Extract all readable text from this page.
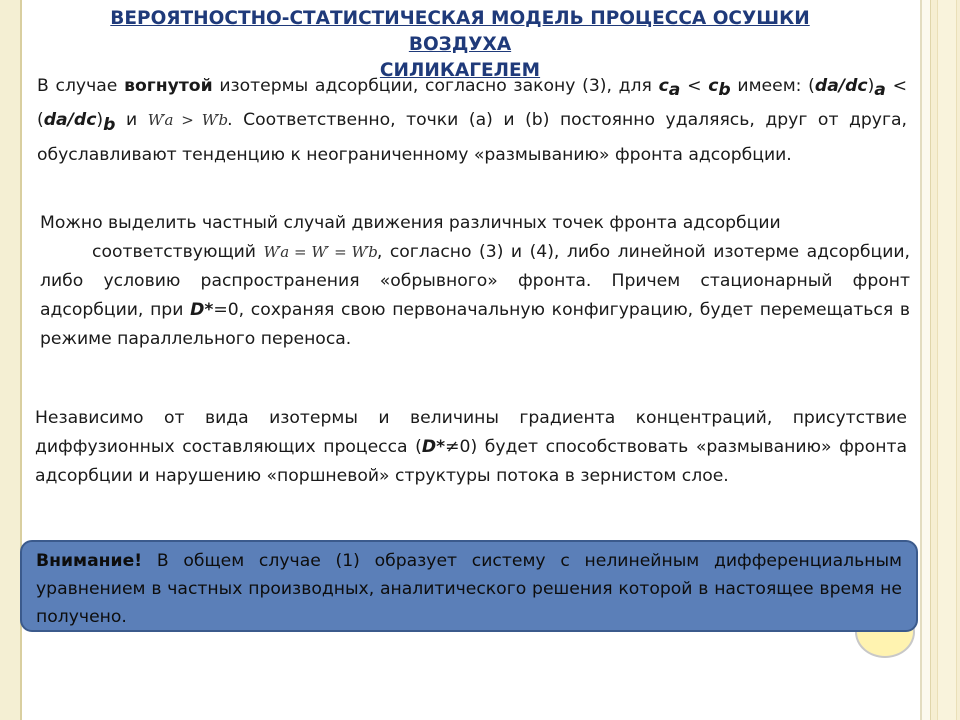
ВЕРОЯТНОСТНО-СТАТИСТИЧЕСКАЯ МОДЕЛЬ ПРОЦЕССА ОСУШКИ ВОЗДУХА
СИЛИКАГЕЛЕМ
В случае вогнутой изотермы адсорбции, согласно закону (3), для $c_a < c_b$ имеем: $(da/dc)_a < (da/dc)_b$ и W′a > W′b. Соответственно, точки (a) и (b) постоянно удаляясь, друг от друга, обуславливают тенденцию к неограниченному «размыванию» фронта адсорбции.
Можно выделить частный случай движения различных точек фронта адсорбции
соответствующий W′a = W′ = W′b, согласно (3) и (4), либо линейной изотерме адсорбции, либо условию распространения «обрывного» фронта. Причем стационарный фронт адсорбции, при D*=0, сохраняя свою первоначальную конфигурацию, будет перемещаться в режиме параллельного переноса.
Независимо от вида изотермы и величины градиента концентраций, присутствие диффузионных составляющих процесса (D*≠0) будет способствовать «размыванию» фронта адсорбции и нарушению «поршневой» структуры потока в зернистом слое.
Внимание! В общем случае (1) образует систему с нелинейным дифференциальным уравнением в частных производных, аналитического решения которой в настоящее время не получено.
